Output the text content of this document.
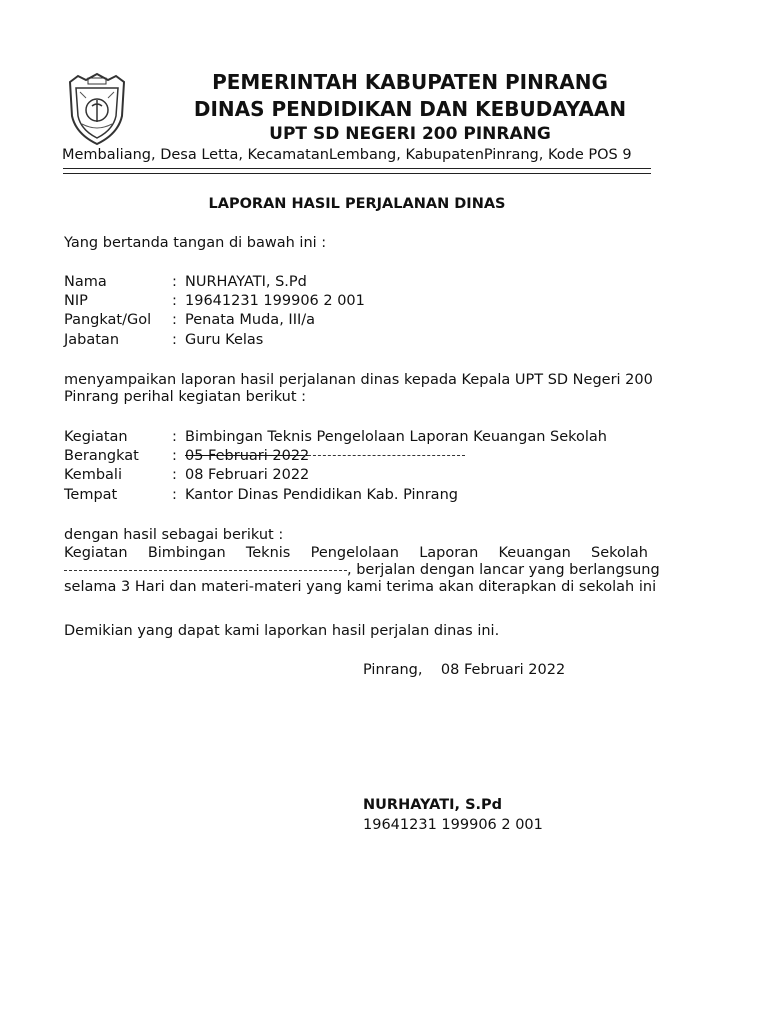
PEMERINTAH KABUPATEN PINRANG
DINAS PENDIDIKAN DAN KEBUDAYAAN
UPT SD NEGERI 200 PINRANG
Membaliang, Desa Letta, KecamatanLembang, KabupatenPinrang, Kode POS 9
LAPORAN HASIL PERJALANAN DINAS
Yang bertanda tangan di bawah ini :
Nama	: NURHAYATI, S.Pd
NIP	: 19641231 199906 2 001
Pangkat/Gol : Penata Muda, III/a
Jabatan	: Guru Kelas
menyampaikan laporan hasil perjalanan dinas kepada Kepala UPT SD Negeri 200
Pinrang perihal kegiatan berikut :
Kegiatan	: Bimbingan Teknis Pengelolaan Laporan Keuangan Sekolah
Berangkat : 05 Februari 2022
Kembali	: 08 Februari 2022
Tempat	: Kantor Dinas Pendidikan Kab. Pinrang
dengan hasil sebagai berikut :
Kegiatan Bimbingan Teknis Pengelolaan Laporan Keuangan Sekolah
, berjalan dengan lancar yang berlangsung
selama 3 Hari dan materi-materi yang kami terima akan diterapkan di sekolah ini
Demikian yang dapat kami laporkan hasil perjalan dinas ini.
Pinrang,    08 Februari 2022
NURHAYATI, S.Pd
19641231 199906 2 001
